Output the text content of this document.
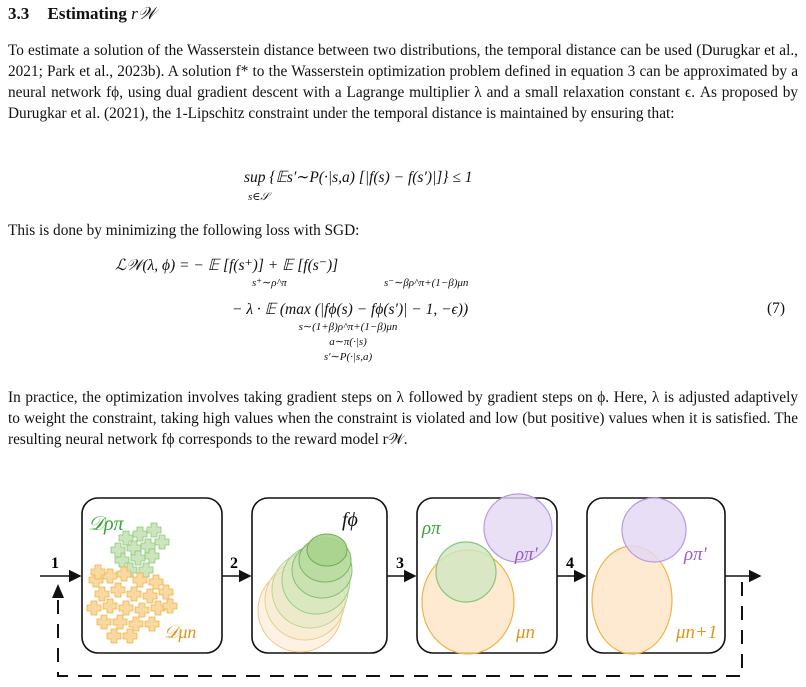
3.3 Estimating r𝒲
To estimate a solution of the Wasserstein distance between two distributions, the temporal distance can be used (Durugkar et al., 2021; Park et al., 2023b). A solution f* to the Wasserstein optimization problem defined in equation 3 can be approximated by a neural network fϕ, using dual gradient descent with a Lagrange multiplier λ and a small relaxation constant ϵ. As proposed by Durugkar et al. (2021), the 1-Lipschitz constraint under the temporal distance is maintained by ensuring that:
sup {𝔼s′∼P(·|s,a) [|f(s) − f(s′)|]} ≤ 1
s∈𝒮
This is done by minimizing the following loss with SGD:
ℒ𝒲(λ, ϕ) = − 𝔼 [f(s⁺)] + 𝔼 [f(s⁻)]
s⁺∼ρ^π	s⁻∼βρ^π+(1−β)μn
− λ · 𝔼 (max (|fϕ(s) − fϕ(s′)| − 1, −ϵ))
s∼(1+β)ρ^π+(1−β)μn
a∼π(·|s)
s′∼P(·|s,a)
(7)
In practice, the optimization involves taking gradient steps on λ followed by gradient steps on ϕ. Here, λ is adjusted adaptively to weight the constraint, taking high values when the constraint is violated and low (but positive) values when it is satisfied. The resulting neural network fϕ corresponds to the reward model r𝒲.
1	2	3	4
𝒟ρπ
𝒟μn
fϕ	ρπ
ρπ′
μn
ρπ′
μn+1
